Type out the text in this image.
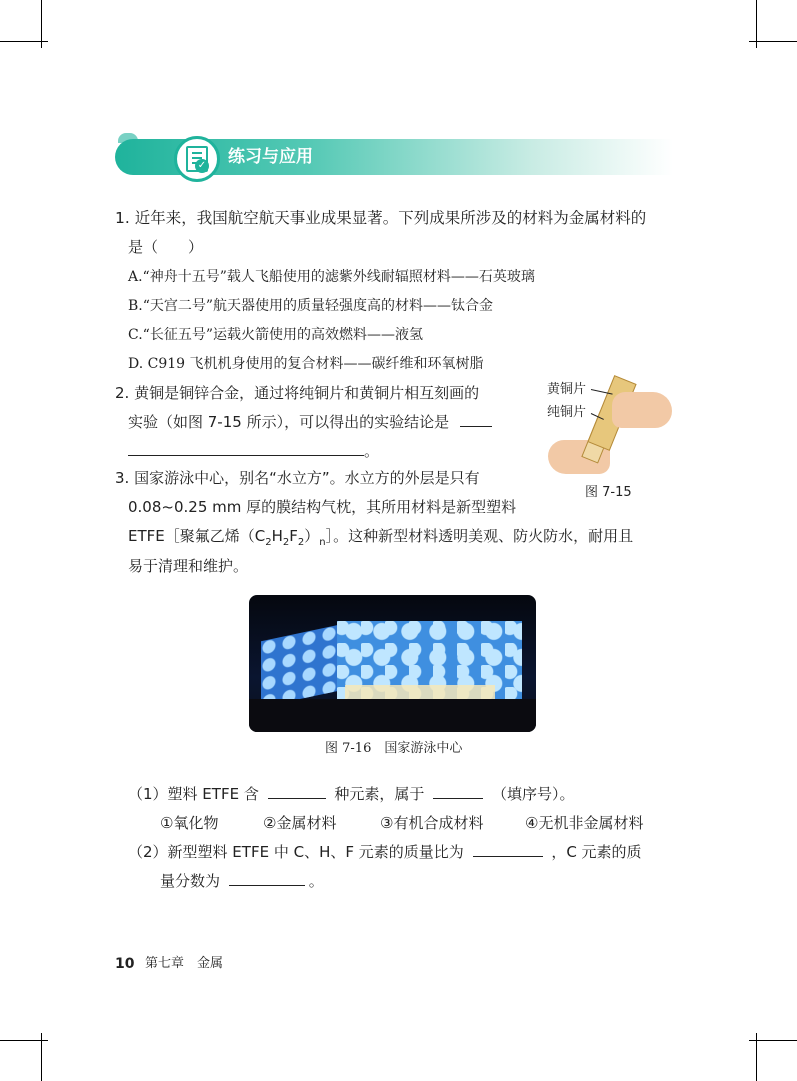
✓ 练习与应用
1. 近年来，我国航空航天事业成果显著。下列成果所涉及的材料为金属材料的
是（　　）
A.“神舟十五号”载人飞船使用的滤紫外线耐辐照材料——石英玻璃
B.“天宫二号”航天器使用的质量轻强度高的材料——钛合金
C.“长征五号”运载火箭使用的高效燃料——液氢
D. C919 飞机机身使用的复合材料——碳纤维和环氧树脂
2. 黄铜是铜锌合金，通过将纯铜片和黄铜片相互刻画的
实验（如图 7-15 所示），可以得出的实验结论是
。
黄铜片
纯铜片
图 7-15
3. 国家游泳中心，别名“水立方”。水立方的外层是只有
0.08~0.25 mm 厚的膜结构气枕，其所用材料是新型塑料
ETFE［聚氟乙烯$(C_2H_2F_2)_n]$。这种新型材料透明美观、防火防水，耐用且
易于清理和维护。
图 7-16　国家游泳中心
（1）塑料 ETFE 含	种元素，属于	（填序号）。
①氧化物	②金属材料	③有机合成材料	④无机非金属材料
（2）新型塑料 ETFE 中 C、H、F 元素的质量比为	，C 元素的质
量分数为	。
10 第七章　金属
